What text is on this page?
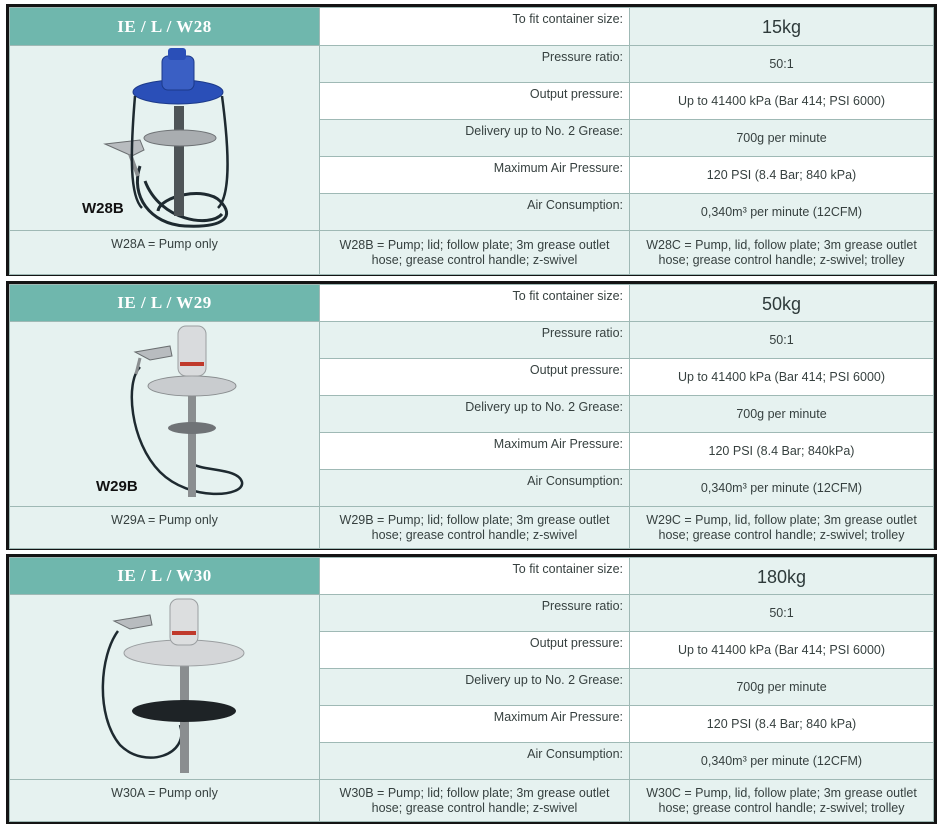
IE / L / W28	To fit container size:	15kg

W28B	Pressure ratio:	50:1
	Output pressure:	Up to 41400 kPa (Bar 414; PSI 6000)
	Delivery up to No. 2 Grease:	700g per minute
	Maximum Air Pressure:	120 PSI (8.4 Bar; 840 kPa)
	Air Consumption:	0,340m³ per minute (12CFM)

W28A = Pump only	W28B = Pump; lid; follow plate; 3m grease outlet hose; grease control handle; z-swivel	W28C = Pump, lid, follow plate; 3m grease outlet hose; grease control handle; z-swivel; trolley
IE / L / W29	To fit container size:	50kg

W29B	Pressure ratio:	50:1
	Output pressure:	Up to 41400 kPa (Bar 414; PSI 6000)
	Delivery up to No. 2 Grease:	700g per minute
	Maximum Air Pressure:	120 PSI (8.4 Bar; 840kPa)
	Air Consumption:	0,340m³ per minute (12CFM)

W29A = Pump only	W29B = Pump; lid; follow plate; 3m grease outlet hose; grease control handle; z-swivel	W29C = Pump, lid, follow plate; 3m grease outlet hose; grease control handle; z-swivel; trolley
IE / L / W30	To fit container size:	180kg

	Pressure ratio:	50:1
	Output pressure:	Up to 41400 kPa (Bar 414; PSI 6000)
	Delivery up to No. 2 Grease:	700g per minute
	Maximum Air Pressure:	120 PSI (8.4 Bar; 840 kPa)
	Air Consumption:	0,340m³ per minute (12CFM)

W30A = Pump only	W30B = Pump; lid; follow plate; 3m grease outlet hose; grease control handle; z-swivel	W30C = Pump, lid, follow plate; 3m grease outlet hose; grease control handle; z-swivel; trolley
